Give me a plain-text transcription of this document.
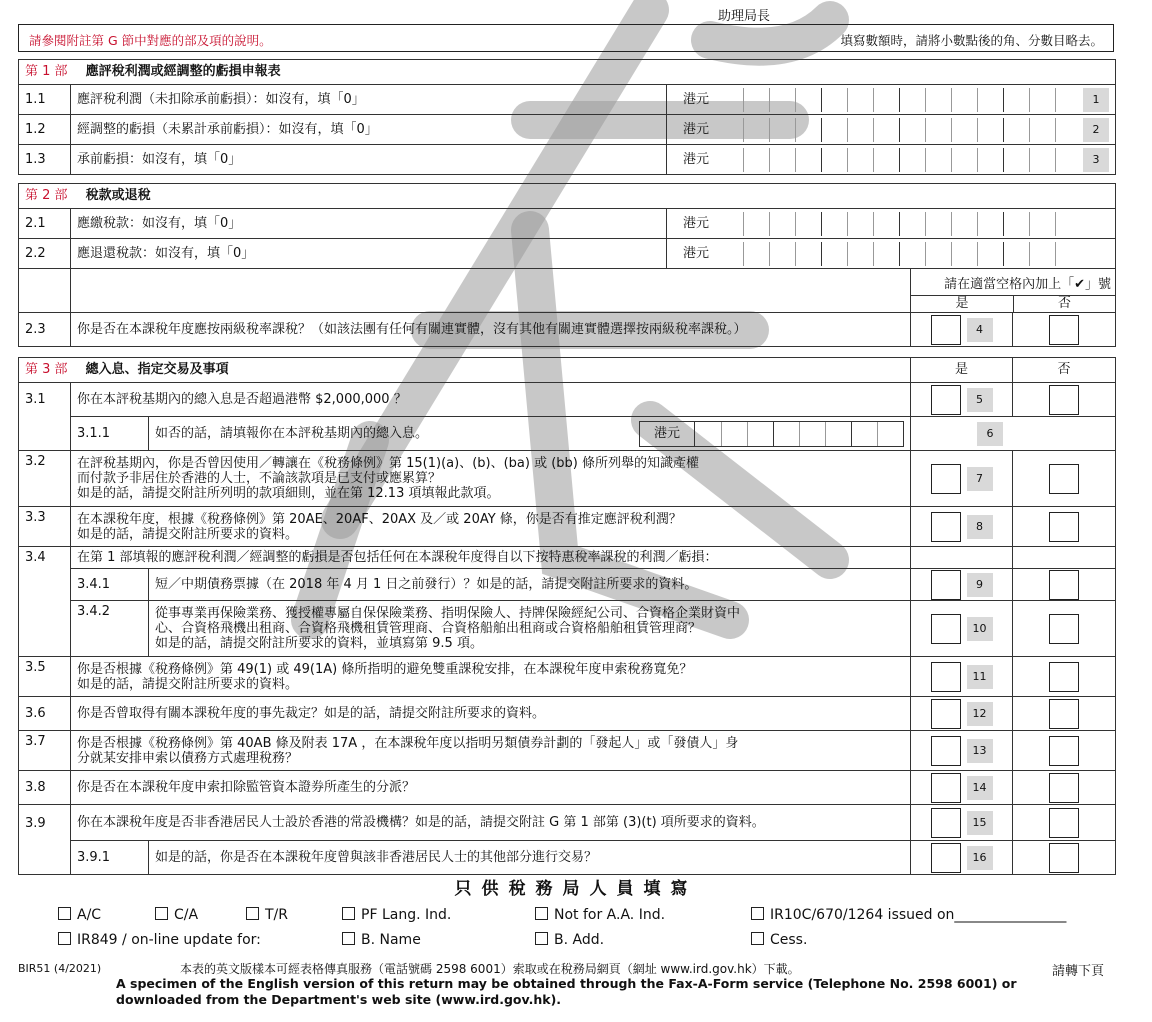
助理局長
請參閱附註第 G 節中對應的部及項的說明。	填寫數額時，請將小數點後的角、分數目略去。
第 1 部 應評稅利潤或經調整的虧損申報表		
1.1	應評稅利潤（未扣除承前虧損）：如沒有，填「0」	港元 1

1.2	經調整的虧損（未累計承前虧損）：如沒有，填「0」	港元 2

1.3	承前虧損：如沒有，填「0」	港元 3
第 2 部 稅款或退稅				
2.1	應繳稅款：如沒有，填「0」	港元		

2.2	應退還稅款：如沒有，填「0」	港元		

			請在適當空格內加上「✔」號
是 否	

2.3	你是否在本課稅年度應按兩級稅率課稅？（如該法團有任何有關連實體，沒有其他有關連實體選擇按兩級稅率課稅。）		4	

第 3 部 總入息、指定交易及事項			是	否
3.1	你在本評稅基期內的總入息是否超過港幣 $2,000,000 ？		5	

	3.1.1	如否的話，請填報你在本評稅基期內的總入息。 港元	6	

3.2	在評稅基期內，你是否曾因使用／轉讓在《稅務條例》第 15(1)(a)、(b)、(ba) 或 (bb) 條所列舉的知識產權
而付款予非居住於香港的人士，不論該款項是已支付或應累算？
如是的話，請提交附註所列明的款項細則，並在第 12.13 項填報此款項。		7	

3.3	在本課稅年度，根據《稅務條例》第 20AE、20AF、20AX 及／或 20AY 條，你是否有推定應評稅利潤？
如是的話，請提交附註所要求的資料。		8	

3.4	在第 1 部填報的應評稅利潤／經調整的虧損是否包括任何在本課稅年度得自以下按特惠稅率課稅的利潤／虧損：			
	3.4.1	短／中期債務票據（在 2018 年 4 月 1 日之前發行）？如是的話，請提交附註所要求的資料。	9	

	3.4.2	從事專業再保險業務、獲授權專屬自保保險業務、指明保險人、持牌保險經紀公司、合資格企業財資中
心、合資格飛機出租商、合資格飛機租賃管理商、合資格船舶出租商或合資格船舶租賃管理商？
如是的話，請提交附註所要求的資料，並填寫第 9.5 項。	10	

3.5	你是否根據《稅務條例》第 49(1) 或 49(1A) 條所指明的避免雙重課稅安排，在本課稅年度申索稅務寬免？
如是的話，請提交附註所要求的資料。		11	

3.6	你是否曾取得有關本課稅年度的事先裁定？如是的話，請提交附註所要求的資料。		12	

3.7	你是否根據《稅務條例》第 40AB 條及附表 17A ，在本課稅年度以指明另類債券計劃的「發起人」或「發債人」身
分就某安排申索以債務方式處理稅務？		13	

3.8	你是否在本課稅年度申索扣除監管資本證券所產生的分派？		14	

3.9	你在本課稅年度是否非香港居民人士設於香港的常設機構？如是的話，請提交附註 G 第 1 部第 (3)(t) 項所要求的資料。		15	

	3.9.1	如是的話，你是否在本課稅年度曾與該非香港居民人士的其他部分進行交易？	16	

只供稅務局人員填寫
A/C	C/A	T/R	PF Lang. Ind.	Not for A.A. Ind.	IR10C/670/1264 issued on________________
IR849 / on-line update for:	B. Name	B. Add.	Cess.
BIR51 (4/2021)	本表的英文版樣本可經表格傳真服務（電話號碼 2598 6001）索取或在稅務局網頁（網址 www.ird.gov.hk）下載。	請轉下頁
A specimen of the English version of this return may be obtained through the Fax-A-Form service (Telephone No. 2598 6001) or
downloaded from the Department's web site (www.ird.gov.hk).
